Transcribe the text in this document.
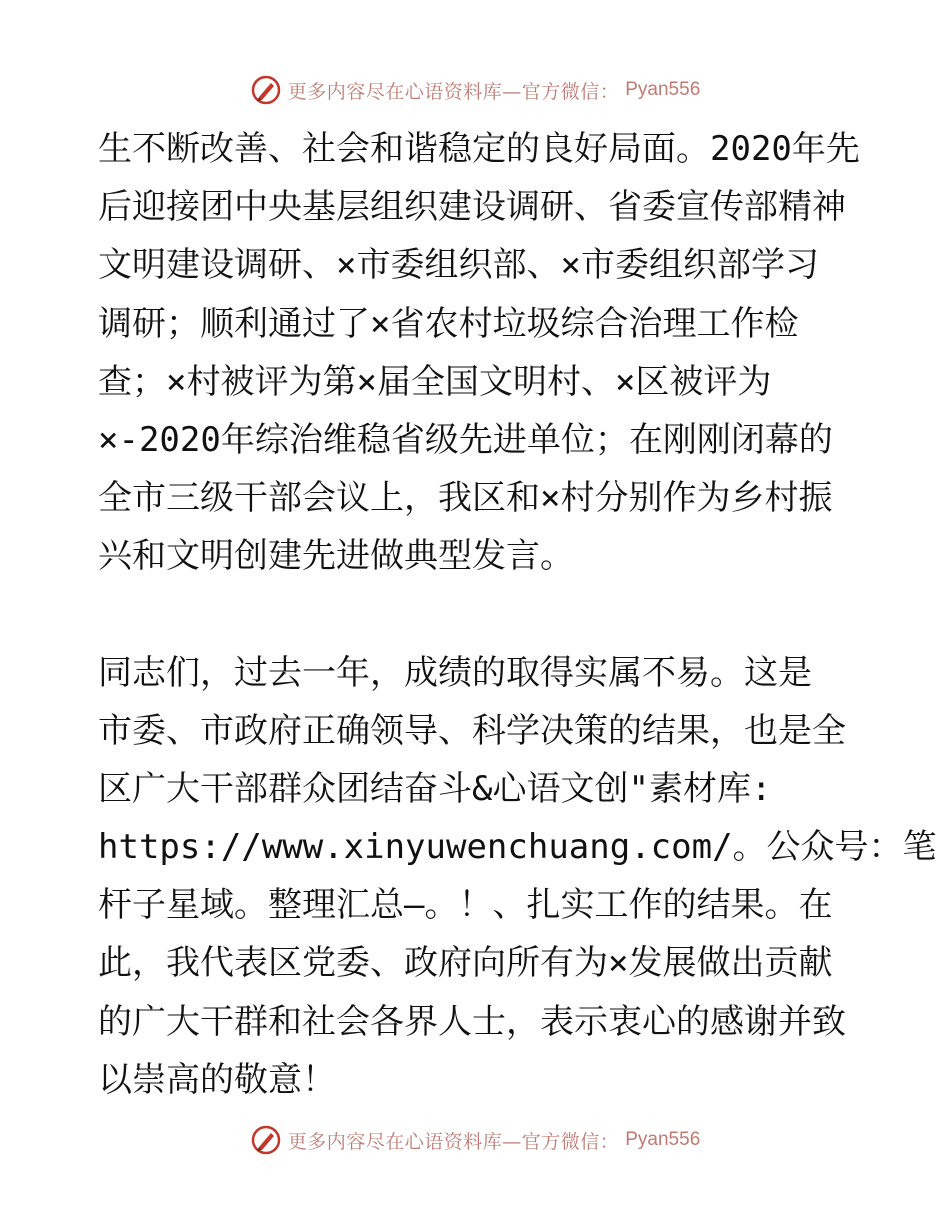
更多内容尽在心语资料库—官方微信： Pyan556
生不断改善、社会和谐稳定的良好局面。2020年先
后迎接团中央基层组织建设调研、省委宣传部精神
文明建设调研、×市委组织部、×市委组织部学习
调研；顺利通过了×省农村垃圾综合治理工作检
查；×村被评为第×届全国文明村、×区被评为
×-2020年综治维稳省级先进单位；在刚刚闭幕的
全市三级干部会议上，我区和×村分别作为乡村振
兴和文明创建先进做典型发言。
同志们，过去一年，成绩的取得实属不易。这是
市委、市政府正确领导、科学决策的结果，也是全
区广大干部群众团结奋斗&心语文创"素材库:
https://www.xinyuwenchuang.com/。公众号：笔
杆子星域。整理汇总—。！、扎实工作的结果。在
此，我代表区党委、政府向所有为×发展做出贡献
的广大干群和社会各界人士，表示衷心的感谢并致
以崇高的敬意！
更多内容尽在心语资料库—官方微信： Pyan556
